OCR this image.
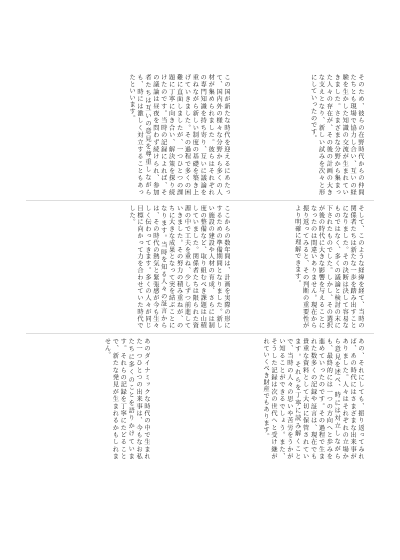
そのため、彼らの在野時代からの仲間たちとも現場で協力し合い、互いの経験を生かした知識の交流が生まれていきました。さまざまな分野から集まった人々の存在が、その後の計画の大きな支えとなり、新しい試みを次々と形にしていったのです。
この国が新たな時代を迎えるにあたって、国内外の様々な分野から多くの人材が集められました。彼らはそれぞれの専門知識を持ち寄り、互いに議論を重ねながら新しい制度の基礎を築き上げていきました。その過程で多くの困難に直面しましたが、一つひとつの課題に丁寧に向き合い、解決策を探り続けたのです。当時の記録によれば、その議論は昼夜を問わず続けられ、参加者たちは互いの意見を尊重しながらも、時には激しく対立することもあったといいます。
そして、このような経緯を経て、当時の関係者たちは新たな一歩を踏み出すことになりました。その決断は決して容易なものではなく、多くの議論と検討の末に下されたものでした。しかし、その選択が後の時代に大きな影響を与えることになったのは間違いありません。現在から振り返ってみると、その判断の重要性がより明確に理解できます。
ここからの数年間は、計画を実際の形にするための準備期間となりました。新しい施設の建設や人材の育成、さらには制度の整備など、取り組むべき課題は山積していました。関係者たちは限られた資源の中で工夫を重ね、少しずつ前進していきました。その努力の積み重ねが、のちに大きな成果となって実を結ぶことになります。当時を知る人々の証言からは、その時代の熱気と緊張感が今も生々しく伝わってきます。多くの人々が同じ目標に向かって力を合わせていた時代でした。
あの、それにしても、振り返ってみれば、あの時代にはさまざまな出来事がありました。人々はそれぞれの立場から意見を述べ、時には対立しながらも、最終的には一つの方向へと歩みを進めていったのです。その過程で生まれた数多くの記録や証言は、現在でも貴重な資料として大切に保管されています。それらを丁寧に読み解くことで、当時の人々の思いや苦労をうかがい知ることができるでしょう。また、そうした記録は次の世代へと受け継がれていくべき財産でもあります。
あのダイナミックな時代の中で生まれた一つひとつの出来事は、今もなお私たちに多くのことを語りかけています。それらの記録を丁寧にたどることで、新たな発見が生まれるかもしれません。
